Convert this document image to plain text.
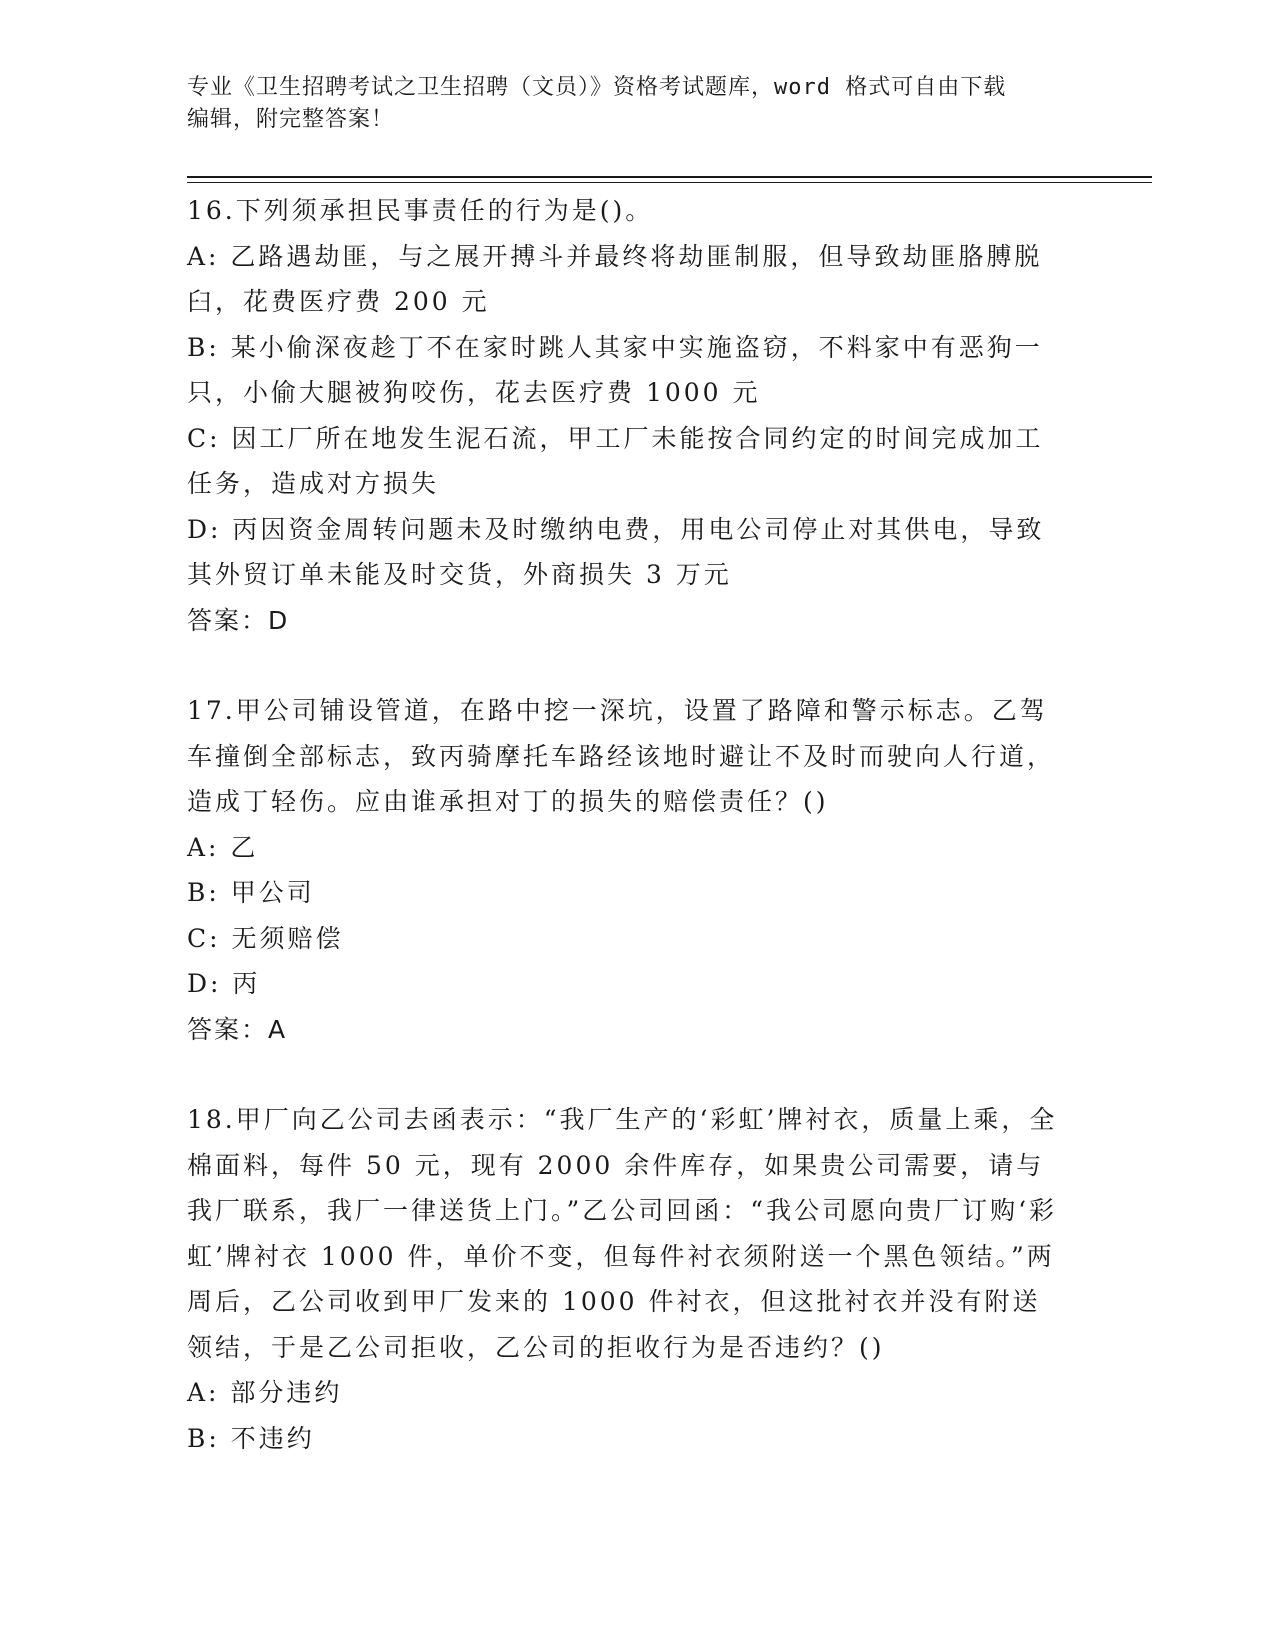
专业《卫生招聘考试之卫生招聘（文员）》资格考试题库，word 格式可自由下载
编辑，附完整答案！
16.下列须承担民事责任的行为是()。
A: 乙路遇劫匪，与之展开搏斗并最终将劫匪制服，但导致劫匪胳膊脱臼，花费医疗费 200 元
B: 某小偷深夜趁丁不在家时跳人其家中实施盗窃，不料家中有恶狗一只，小偷大腿被狗咬伤，花去医疗费 1000 元
C: 因工厂所在地发生泥石流，甲工厂未能按合同约定的时间完成加工任务，造成对方损失
D: 丙因资金周转问题未及时缴纳电费，用电公司停止对其供电，导致其外贸订单未能及时交货，外商损失 3 万元
答案：D
17.甲公司铺设管道，在路中挖一深坑，设置了路障和警示标志。乙驾车撞倒全部标志，致丙骑摩托车路经该地时避让不及时而驶向人行道，造成丁轻伤。应由谁承担对丁的损失的赔偿责任？()
A: 乙
B: 甲公司
C: 无须赔偿
D: 丙
答案：A
18.甲厂向乙公司去函表示：“我厂生产的‘彩虹’牌衬衣，质量上乘，全棉面料，每件 50 元，现有 2000 余件库存，如果贵公司需要，请与我厂联系，我厂一律送货上门。”乙公司回函：“我公司愿向贵厂订购‘彩虹’牌衬衣 1000 件，单价不变，但每件衬衣须附送一个黑色领结。”两周后，乙公司收到甲厂发来的 1000 件衬衣，但这批衬衣并没有附送领结，于是乙公司拒收，乙公司的拒收行为是否违约？()
A: 部分违约
B: 不违约
